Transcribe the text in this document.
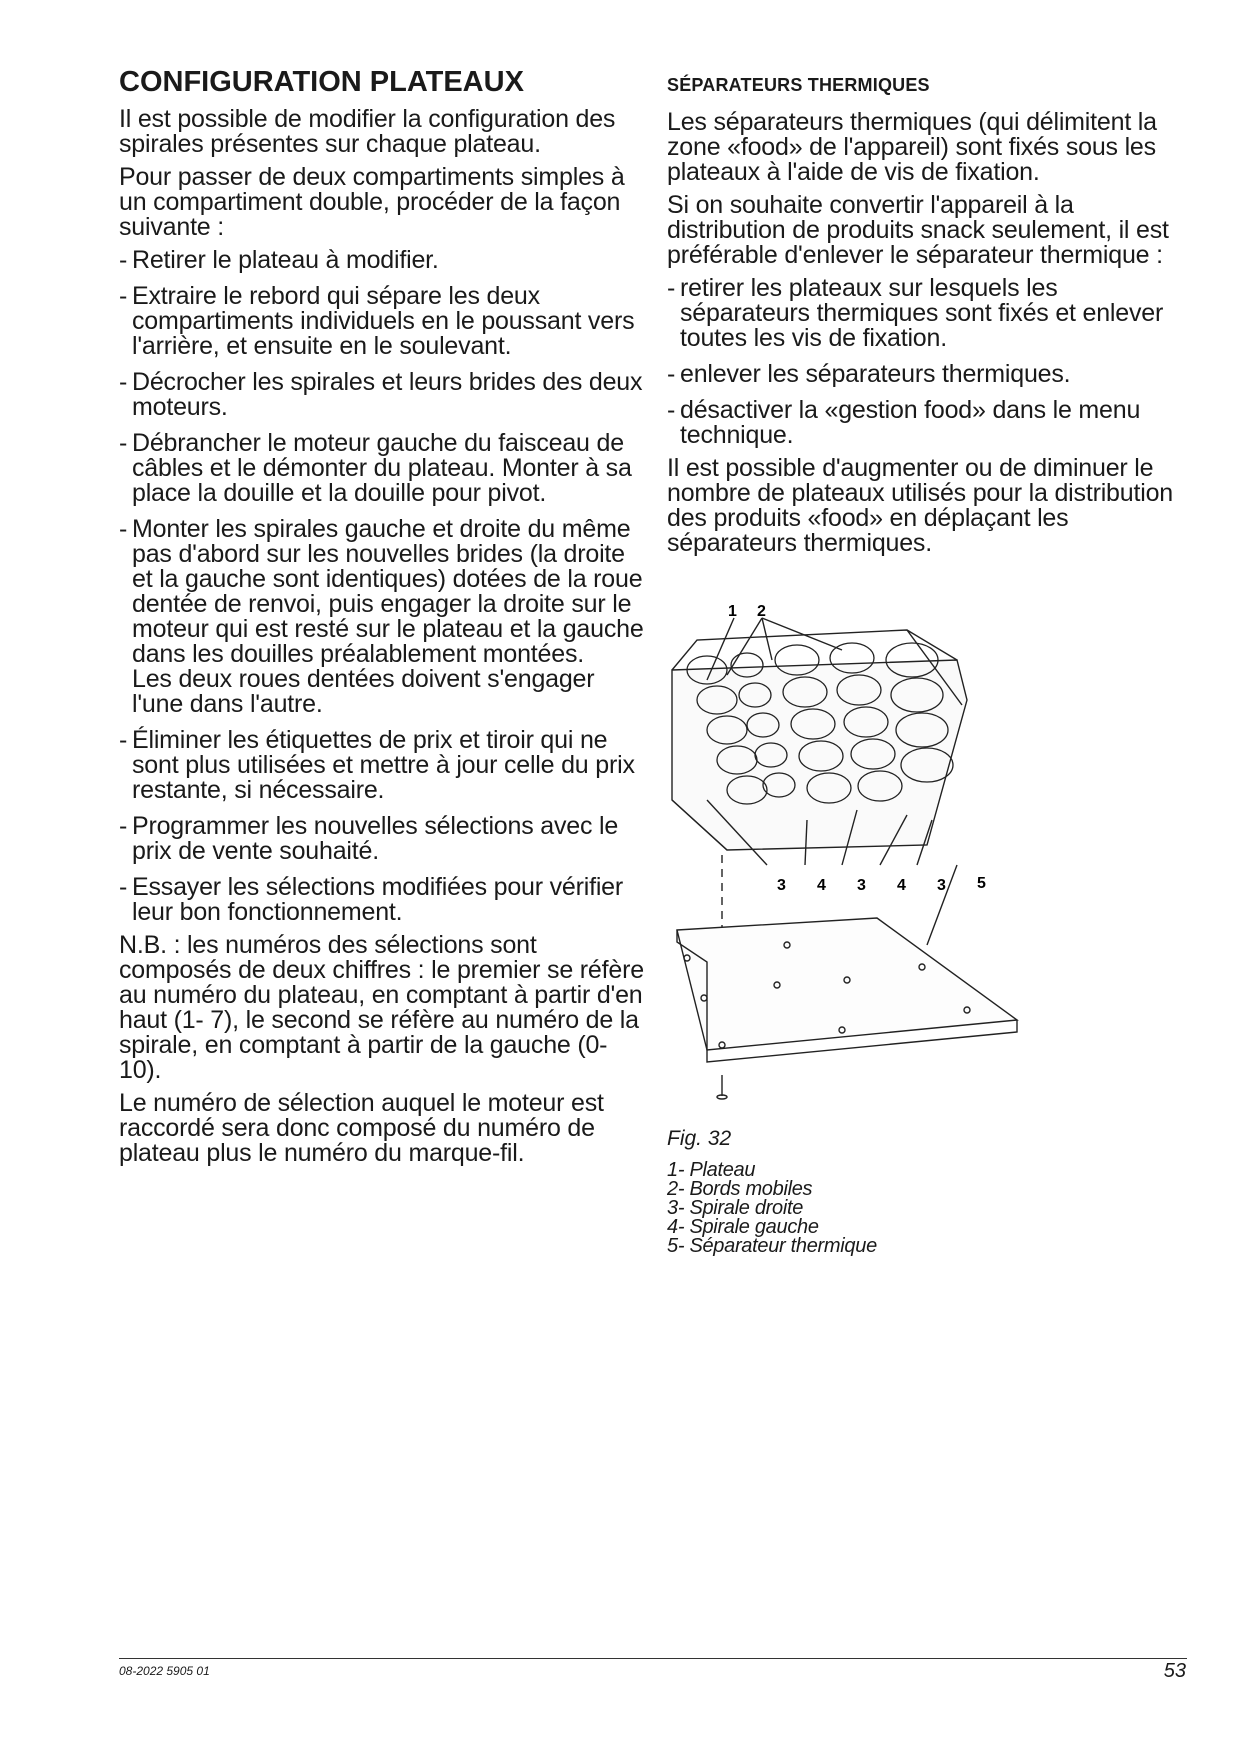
CONFIGURATION PLATEAUX

Il est possible de modifier la configuration des spirales présentes sur chaque plateau.

Pour passer de deux compartiments simples à un compartiment double, procéder de la façon suivante :

- Retirer le plateau à modifier.
- Extraire le rebord qui sépare les deux compartiments individuels en le poussant vers l'arrière, et ensuite en le soulevant.
- Décrocher les spirales et leurs brides des deux moteurs.
- Débrancher le moteur gauche du faisceau de câbles et le démonter du plateau. Monter à sa place la douille et la douille pour pivot.
- Monter les spirales gauche et droite du même pas d'abord sur les nouvelles brides (la droite et la gauche sont identiques) dotées de la roue dentée de renvoi, puis engager la droite sur le moteur qui est resté sur le plateau et la gauche dans les douilles préalablement montées.
Les deux roues dentées doivent s'engager l'une dans l'autre.
- Éliminer les étiquettes de prix et tiroir qui ne sont plus utilisées et mettre à jour celle du prix restante, si nécessaire.
- Programmer les nouvelles sélections avec le prix de vente souhaité.
- Essayer les sélections modifiées pour vérifier leur bon fonctionnement.

N.B. : les numéros des sélections sont composés de deux chiffres : le premier se réfère au numéro du plateau, en comptant à partir d'en haut (1- 7), le second se réfère au numéro de la spirale, en comptant à partir de la gauche (0- 10).

Le numéro de sélection auquel le moteur est raccordé sera donc composé du numéro de plateau plus le numéro du marque-fil.

SÉPARATEURS THERMIQUES

Les séparateurs thermiques (qui délimitent la zone «food» de l'appareil) sont fixés sous les plateaux à l'aide de vis de fixation.

Si on souhaite convertir l'appareil à la distribution de produits snack seulement, il est préférable d'enlever le séparateur thermique :

- retirer les plateaux sur lesquels les séparateurs thermiques sont fixés et enlever toutes les vis de fixation.
- enlever les séparateurs thermiques.
- désactiver la «gestion food» dans le menu technique.

Il est possible d'augmenter ou de diminuer le nombre de plateaux utilisés pour la distribution des produits «food» en déplaçant les séparateurs thermiques.

1 2
3 4 3 4 3 5
Fig. 32
1- Plateau
2- Bords mobiles
3- Spirale droite
4- Spirale gauche
5- Séparateur thermique
08-2022 5905 01	53
